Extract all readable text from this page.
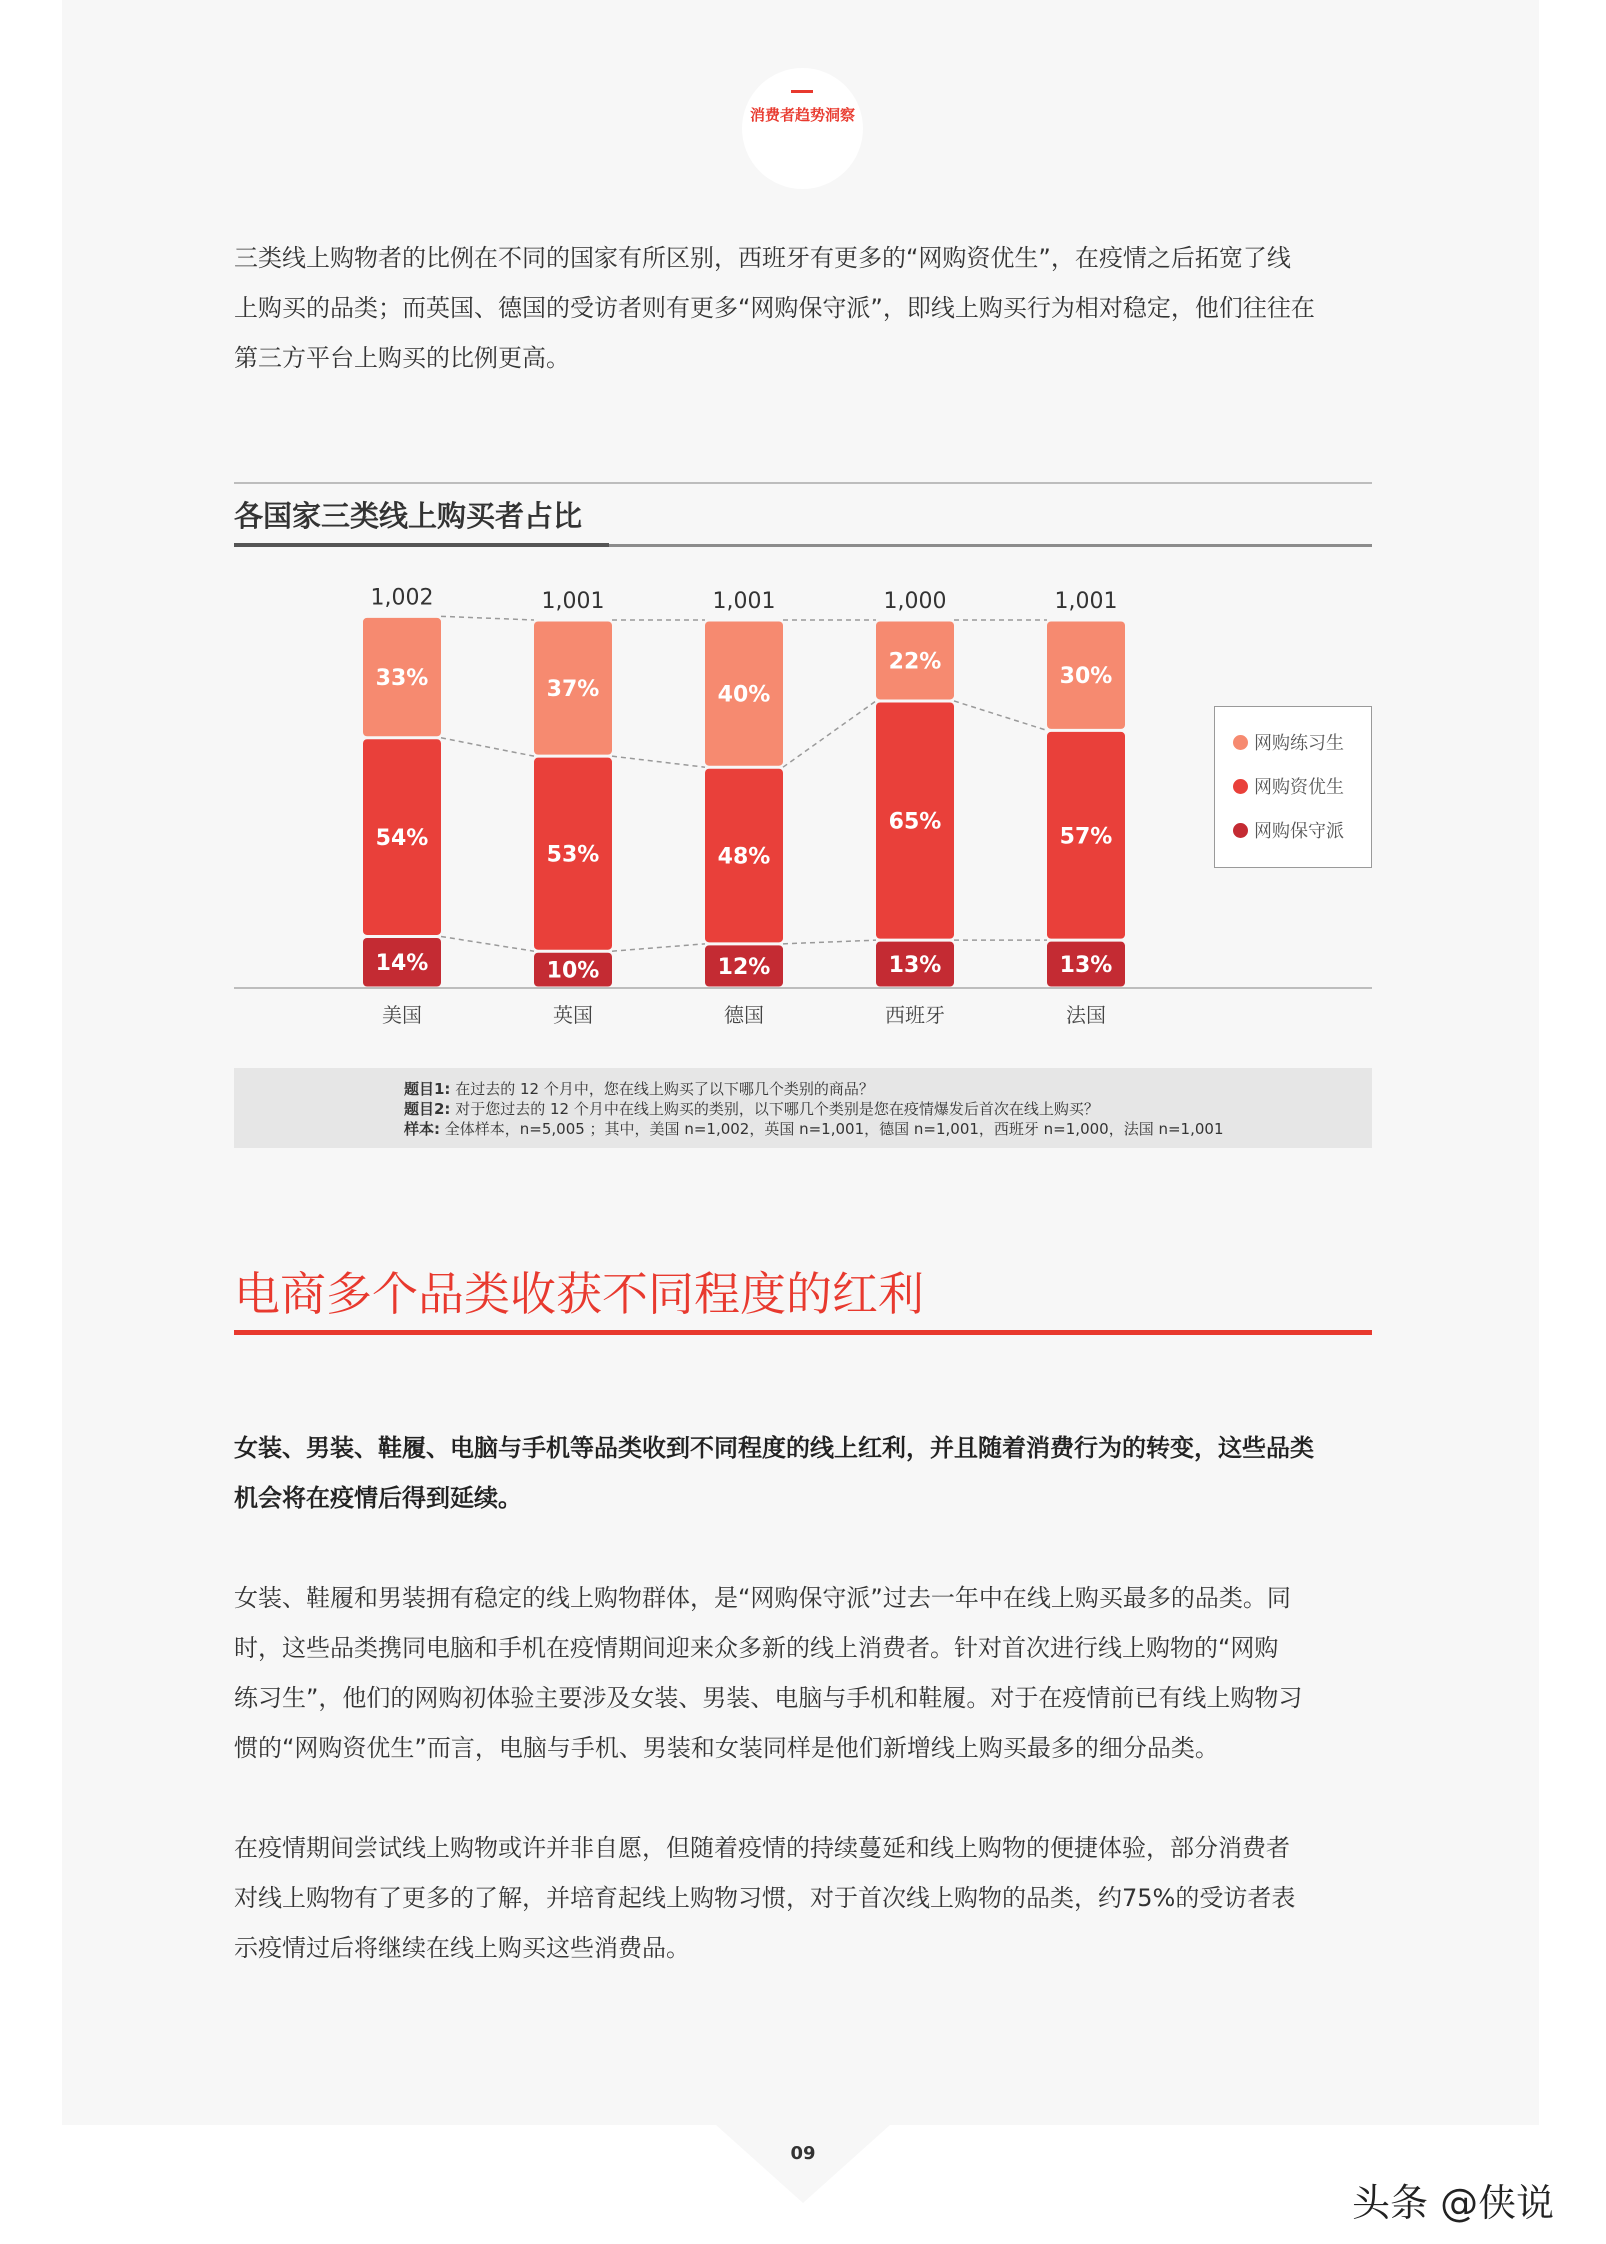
消费者趋势洞察
三类线上购物者的比例在不同的国家有所区别，西班牙有更多的“网购资优生”，在疫情之后拓宽了线
上购买的品类；而英国、德国的受访者则有更多“网购保守派”，即线上购买行为相对稳定，他们往往在
第三方平台上购买的比例更高。
各国家三类线上购买者占比
14%
54%
33%
1,002
美国
10%
53%
37%
1,001
英国
12%
48%
40%
1,001
德国
13%
65%
22%
1,000
西班牙
13%
57%
30%
1,001
法国
网购练习生
网购资优生
网购保守派
题目1: 在过去的 12 个月中，您在线上购买了以下哪几个类别的商品？
题目2: 对于您过去的 12 个月中在线上购买的类别，以下哪几个类别是您在疫情爆发后首次在线上购买？
样本: 全体样本，n=5,005 ；其中，美国 n=1,002，英国 n=1,001，德国 n=1,001，西班牙 n=1,000，法国 n=1,001
电商多个品类收获不同程度的红利
女装、男装、鞋履、电脑与手机等品类收到不同程度的线上红利，并且随着消费行为的转变，这些品类
机会将在疫情后得到延续。
女装、鞋履和男装拥有稳定的线上购物群体，是“网购保守派”过去一年中在线上购买最多的品类。同
时，这些品类携同电脑和手机在疫情期间迎来众多新的线上消费者。针对首次进行线上购物的“网购
练习生”，他们的网购初体验主要涉及女装、男装、电脑与手机和鞋履。对于在疫情前已有线上购物习
惯的“网购资优生”而言，电脑与手机、男装和女装同样是他们新增线上购买最多的细分品类。
在疫情期间尝试线上购物或许并非自愿，但随着疫情的持续蔓延和线上购物的便捷体验，部分消费者
对线上购物有了更多的了解，并培育起线上购物习惯，对于首次线上购物的品类，约75%的受访者表
示疫情过后将继续在线上购买这些消费品。
09
头条 @侠说
